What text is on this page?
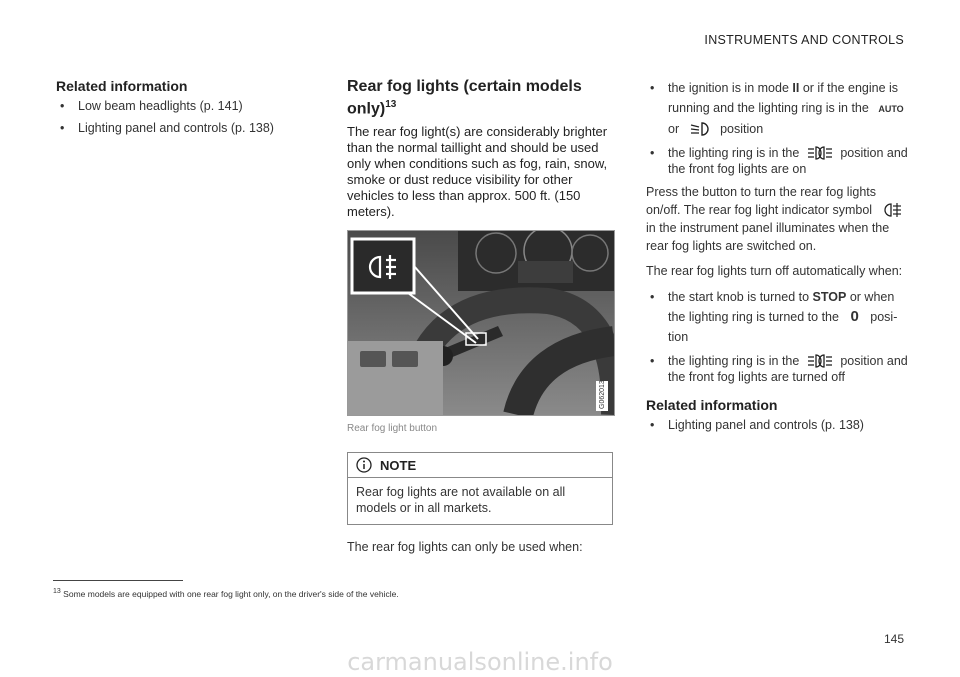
INSTRUMENTS AND CONTROLS
Related information
• Low beam headlights (p. 141)
• Lighting panel and controls (p. 138)
Rear fog lights (certain models only)$^{13}$

The rear fog light(s) are considerably brighter than the normal taillight and should be used only when conditions such as fog, rain, snow, smoke or dust reduce visibility for other vehicles to less than approx. 500 ft. (150 meters).

G062013
Rear fog light button
NOTE
Rear fog lights are not available on all models or in all markets.

The rear fog lights can only be used when:

• the ignition is in mode II or if the engine is running and the lighting ring is in the AUTO
or	position
• the lighting ring is in the	position and the front fog lights are on

Press the button to turn the rear fog lights on/off. The rear fog light indicator symbol  in the instrument panel illuminates when the rear fog lights are switched on.

The rear fog lights turn off automatically when:

• the start knob is turned to STOP or when the lighting ring is turned to the 0 posi-tion
• the lighting ring is in the	position and the front fog lights are turned off
Related information
• Lighting panel and controls (p. 138)
$^{13}$ Some models are equipped with one rear fog light only, on the driver's side of the vehicle.
145
carmanualsonline.info
